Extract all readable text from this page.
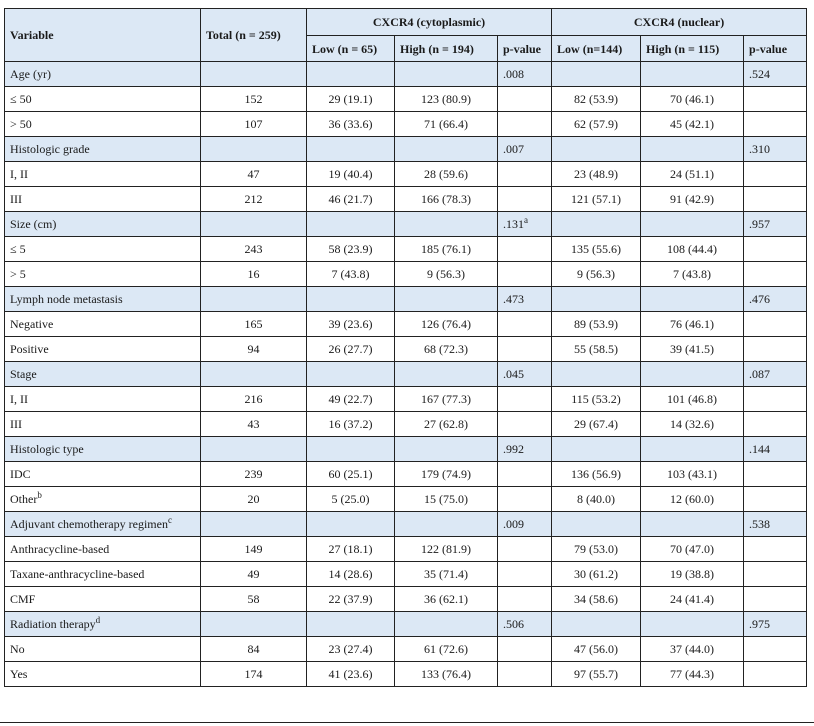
Variable	Total (n = 259)	CXCR4 (cytoplasmic)			CXCR4 (nuclear)		
		Low (n = 65)	High (n = 194)	p-value	Low (n=144)	High (n = 115)	p-value
Age (yr)				.008			.524
≤ 50	152	29 (19.1)	123 (80.9)		82 (53.9)	70 (46.1)	
> 50	107	36 (33.6)	71 (66.4)		62 (57.9)	45 (42.1)	
Histologic grade				.007			.310
I, II	47	19 (40.4)	28 (59.6)		23 (48.9)	24 (51.1)	
III	212	46 (21.7)	166 (78.3)		121 (57.1)	91 (42.9)	
Size (cm)				.131$^a$			.957
≤ 5	243	58 (23.9)	185 (76.1)		135 (55.6)	108 (44.4)	
> 5	16	7 (43.8)	9 (56.3)		9 (56.3)	7 (43.8)	
Lymph node metastasis				.473			.476
Negative	165	39 (23.6)	126 (76.4)		89 (53.9)	76 (46.1)	
Positive	94	26 (27.7)	68 (72.3)		55 (58.5)	39 (41.5)	
Stage				.045			.087
I, II	216	49 (22.7)	167 (77.3)		115 (53.2)	101 (46.8)	
III	43	16 (37.2)	27 (62.8)		29 (67.4)	14 (32.6)	
Histologic type				.992			.144
IDC	239	60 (25.1)	179 (74.9)		136 (56.9)	103 (43.1)	
Other$^b$	20	5 (25.0)	15 (75.0)		8 (40.0)	12 (60.0)	
Adjuvant chemotherapy regimen$^c$				.009			.538
Anthracycline-based	149	27 (18.1)	122 (81.9)		79 (53.0)	70 (47.0)	
Taxane-anthracycline-based	49	14 (28.6)	35 (71.4)		30 (61.2)	19 (38.8)	
CMF	58	22 (37.9)	36 (62.1)		34 (58.6)	24 (41.4)	
Radiation therapy$^d$				.506			.975
No	84	23 (27.4)	61 (72.6)		47 (56.0)	37 (44.0)	
Yes	174	41 (23.6)	133 (76.4)		97 (55.7)	77 (44.3)	
